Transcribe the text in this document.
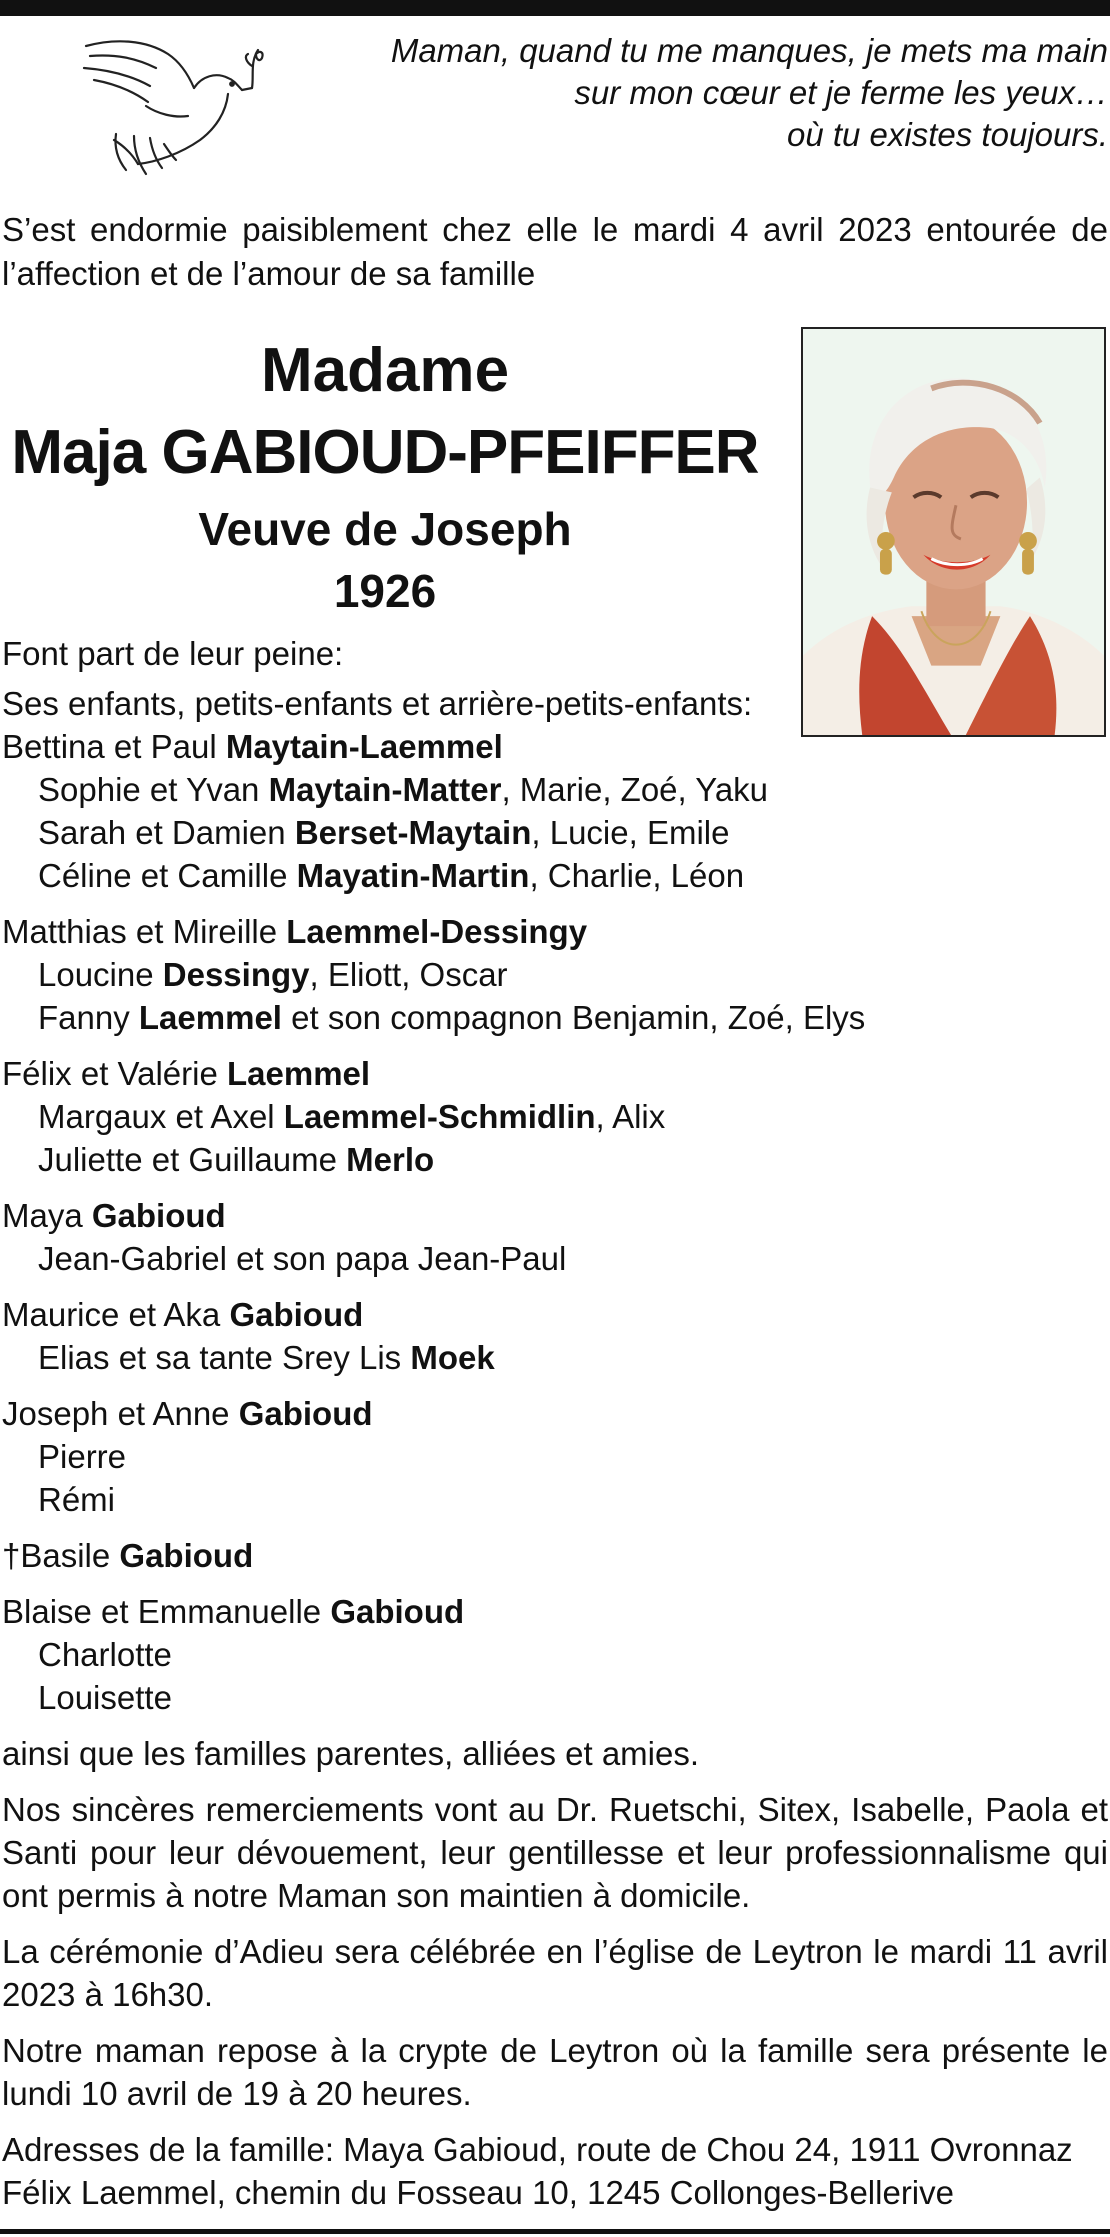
Maman, quand tu me manques, je mets ma main
sur mon cœur et je ferme les yeux…
où tu existes toujours.
S’est endormie paisiblement chez elle le mardi 4 avril 2023 entourée de l’affection et de l’amour de sa famille
Madame
Maja GABIOUD-PFEIFFER
Veuve de Joseph
1926
Font part de leur peine:
Ses enfants, petits-enfants et arrière-petits-enfants:
Bettina et Paul Maytain-Laemmel
Sophie et Yvan Maytain-Matter, Marie, Zoé, Yaku
Sarah et Damien Berset-Maytain, Lucie, Emile
Céline et Camille Mayatin-Martin, Charlie, Léon
Matthias et Mireille Laemmel-Dessingy
Loucine Dessingy, Eliott, Oscar
Fanny Laemmel et son compagnon Benjamin, Zoé, Elys
Félix et Valérie Laemmel
Margaux et Axel Laemmel-Schmidlin, Alix
Juliette et Guillaume Merlo
Maya Gabioud
Jean-Gabriel et son papa Jean-Paul
Maurice et Aka Gabioud
Elias et sa tante Srey Lis Moek
Joseph et Anne Gabioud
Pierre
Rémi
†Basile Gabioud
Blaise et Emmanuelle Gabioud
Charlotte
Louisette
ainsi que les familles parentes, alliées et amies.
Nos sincères remerciements vont au Dr. Ruetschi, Sitex, Isabelle, Paola et Santi pour leur dévouement, leur gentillesse et leur professionnalisme qui ont permis à notre Maman son maintien à domicile.
La cérémonie d’Adieu sera célébrée en l’église de Leytron le mardi 11 avril 2023 à 16h30.
Notre maman repose à la crypte de Leytron où la famille sera présente le lundi 10 avril de 19 à 20 heures.
Adresses de la famille: Maya Gabioud, route de Chou 24, 1911 Ovronnaz
Félix Laemmel, chemin du Fosseau 10, 1245 Collonges-Bellerive
